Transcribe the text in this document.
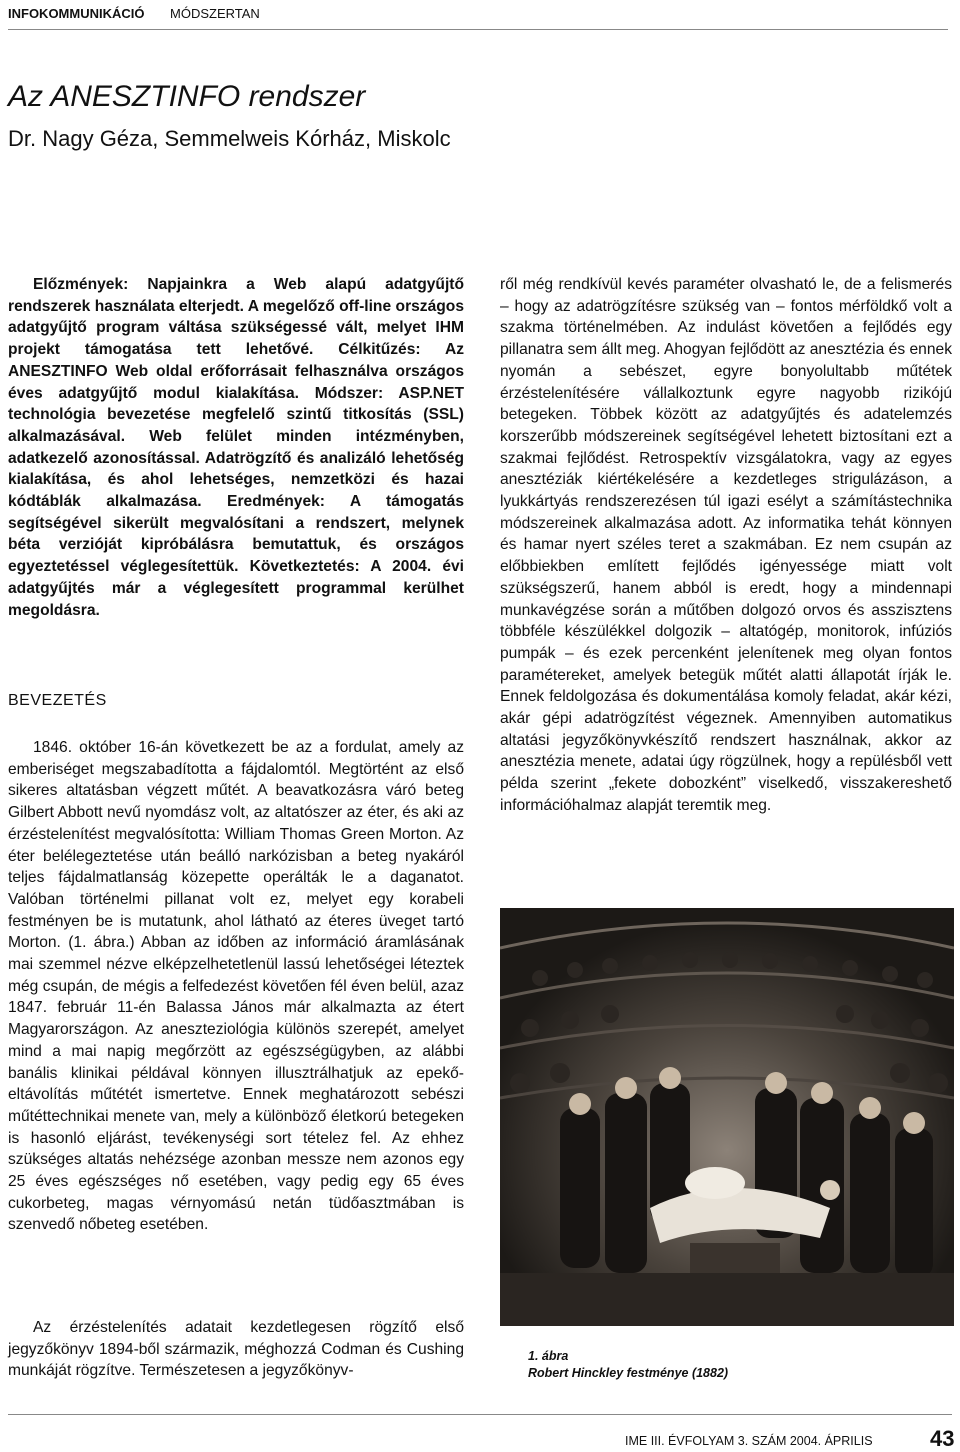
INFOKOMMUNIKÁCIÓ MÓDSZERTAN
Az ANESZTINFO rendszer
Dr. Nagy Géza, Semmelweis Kórház, Miskolc

Előzmények: Napjainkra a Web alapú adatgyűjtő rendszerek használata elterjedt. A megelőző off-line országos adatgyűjtő program váltása szükségessé vált, melyet IHM projekt támogatása tett lehetővé. Célkitűzés: Az ANESZTINFO Web oldal erőforrásait felhasználva országos éves adatgyűjtő modul kialakítása. Módszer: ASP.NET technológia bevezetése megfelelő szintű titkosítás (SSL) alkalmazásával. Web felület minden intézményben, adatkezelő azonosítással. Adatrögzítő és analizáló lehetőség kialakítása, és ahol lehetséges, nemzetközi és hazai kódtáblák alkalmazása. Eredmények: A támogatás segítségével sikerült megvalósítani a rendszert, melynek béta verzióját kipróbálásra bemutattuk, és országos egyeztetéssel véglegesítettük. Következtetés: A 2004. évi adatgyűjtés már a véglegesített programmal kerülhet megoldásra.

BEVEZETÉS

1846. október 16-án következett be az a fordulat, amely az emberiséget megszabadította a fájdalomtól. Megtörtént az első sikeres altatásban végzett műtét. A beavatkozásra váró beteg Gilbert Abbott nevű nyomdász volt, az altatószer az éter, és aki az érzéstelenítést megvalósította: William Thomas Green Morton. Az éter belélegeztetése után beálló narkózisban a beteg nyakáról teljes fájdalmatlanság közepette operálták le a daganatot. Valóban történelmi pillanat volt ez, melyet egy korabeli festményen be is mutatunk, ahol látható az éteres üveget tartó Morton. (1. ábra.) Abban az időben az információ áramlásának mai szemmel nézve elképzelhetetlenül lassú lehetőségei léteztek még csupán, de mégis a felfedezést követően fél éven belül, azaz 1847. február 11-én Balassa János már alkalmazta az étert Magyarországon. Az aneszteziológia különös szerepét, amelyet mind a mai napig megőrzött az egészségügyben, az alábbi banális klinikai példával könnyen illusztrálhatjuk az epekő-eltávolítás műtétét ismertetve. Ennek meghatározott sebészi műtéttechnikai menete van, mely a különböző életkorú betegeken is hasonló eljárást, tevékenységi sort tételez fel. Az ehhez szükséges altatás nehézsége azonban messze nem azonos egy 25 éves egészséges nő esetében, vagy pedig egy 65 éves cukorbeteg, magas vérnyomású netán tüdőasztmában is szenvedő nőbeteg esetében.

Az érzéstelenítés adatait kezdetlegesen rögzítő első jegyzőkönyv 1894-ből származik, méghozzá Codman és Cushing munkáját rögzítve. Természetesen a jegyzőkönyv-

ről még rendkívül kevés paraméter olvasható le, de a felismerés – hogy az adatrögzítésre szükség van – fontos mérföldkő volt a szakma történelmében. Az indulást követően a fejlődés egy pillanatra sem állt meg. Ahogyan fejlődött az anesztézia és ennek nyomán a sebészet, egyre bonyolultabb műtétek érzéstelenítésére vállalkoztunk egyre nagyobb rizikójú betegeken. Többek között az adatgyűjtés és adatelemzés korszerűbb módszereinek segítségével lehetett biztosítani ezt a szakmai fejlődést. Retrospektív vizsgálatokra, vagy az egyes anesztéziák kiértékelésére a kezdetleges strigulázáson, a lyukkártyás rendszerezésen túl igazi esélyt a számítástechnika módszereinek alkalmazása adott. Az informatika tehát könnyen és hamar nyert széles teret a szakmában. Ez nem csupán az előbbiekben említett fejlődés igényessége miatt volt szükségszerű, hanem abból is eredt, hogy a mindennapi munkavégzése során a műtőben dolgozó orvos és asszisztens többféle készülékkel dolgozik – altatógép, monitorok, infúziós pumpák – és ezek percenként jelenítenek meg olyan fontos paramétereket, amelyek betegük műtét alatti állapotát írják le. Ennek feldolgozása és dokumentálása komoly feladat, akár kézi, akár gépi adatrögzítést végeznek. Amennyiben automatikus altatási jegyzőkönyvkészítő rendszert használnak, akkor az anesztézia menete, adatai úgy rögzülnek, hogy a repülésből vett példa szerint „fekete dobozként” viselkedő, visszakereshető információhalmaz alapját teremtik meg.

1. ábra
Robert Hinckley festménye (1882)
IME III. ÉVFOLYAM 3. SZÁM 2004. ÁPRILIS	43
